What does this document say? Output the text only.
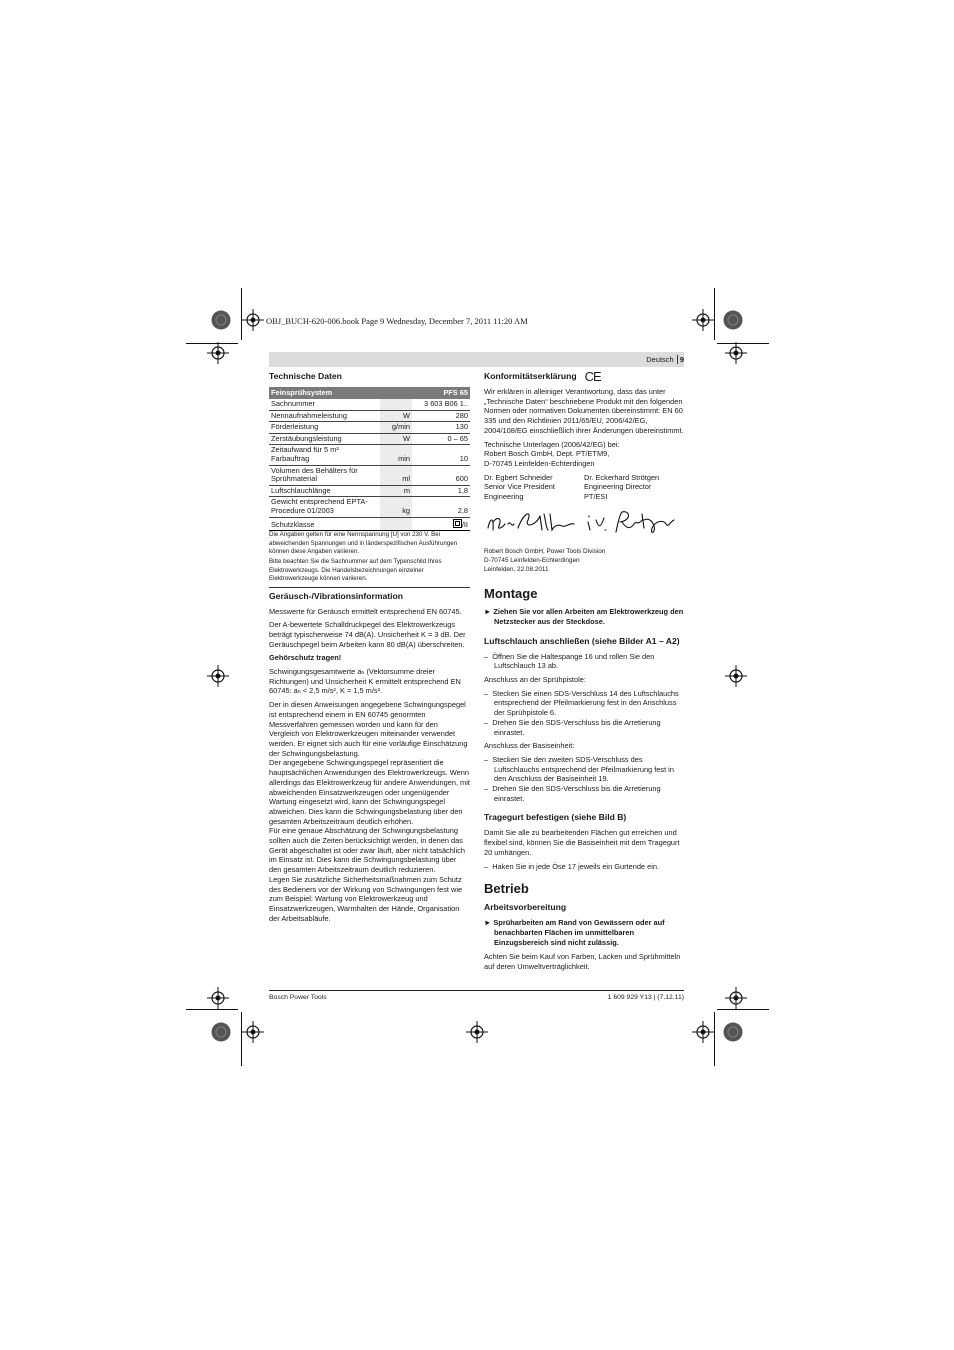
OBJ_BUCH-620-006.book Page 9 Wednesday, December 7, 2011 11:20 AM
Deutsch 9
Technische Daten
Feinsprühsystem		PFS 65
Sachnummer		3 603 B06 1..
Nennaufnahmeleistung	W	280
Förderleistung	g/min	130
Zerstäubungsleistung	W	0 – 65
Zeitaufwand für 5 m² Farbauftrag	min	10
Volumen des Behälters für Sprühmaterial	ml	600
Luftschlauchlänge	m	1,8
Gewicht entsprechend EPTA-Procedure 01/2003	kg	2,8
Schutzklasse		/II

Die Angaben gelten für eine Nennspannung [U] von 230 V. Bei abweichenden Spannungen und in länderspezifischen Ausführungen können diese Angaben variieren.

Bitte beachten Sie die Sachnummer auf dem Typenschild Ihres Elektrowerkzeugs. Die Handelsbezeichnungen einzelner Elektrowerkzeuge können variieren.

Geräusch-/Vibrationsinformation

Messwerte für Geräusch ermittelt entsprechend EN 60745.

Der A-bewertete Schalldruckpegel des Elektrowerkzeugs beträgt typischerweise 74 dB(A). Unsicherheit K = 3 dB. Der Geräuschpegel beim Arbeiten kann 80 dB(A) überschreiten.

Gehörschutz tragen!

Schwingungsgesamtwerte aₕ (Vektorsumme dreier Richtungen) und Unsicherheit K ermittelt entsprechend EN 60745: aₕ < 2,5 m/s², K = 1,5 m/s².

Der in diesen Anweisungen angegebene Schwingungspegel ist entsprechend einem in EN 60745 genormten Messverfahren gemessen worden und kann für den Vergleich von Elektrowerkzeugen miteinander verwendet werden. Er eignet sich auch für eine vorläufige Einschätzung der Schwingungsbelastung.

Der angegebene Schwingungspegel repräsentiert die hauptsächlichen Anwendungen des Elektrowerkzeugs. Wenn allerdings das Elektrowerkzeug für andere Anwendungen, mit abweichenden Einsatzwerkzeugen oder ungenügender Wartung eingesetzt wird, kann der Schwingungspegel abweichen. Dies kann die Schwingungsbelastung über den gesamten Arbeitszeitraum deutlich erhöhen.

Für eine genaue Abschätzung der Schwingungsbelastung sollten auch die Zeiten berücksichtigt werden, in denen das Gerät abgeschaltet ist oder zwar läuft, aber nicht tatsächlich im Einsatz ist. Dies kann die Schwingungsbelastung über den gesamten Arbeitszeitraum deutlich reduzieren.

Legen Sie zusätzliche Sicherheitsmaßnahmen zum Schutz des Bedieners vor der Wirkung von Schwingungen fest wie zum Beispiel: Wartung von Elektrowerkzeug und Einsatzwerkzeugen, Warmhalten der Hände, Organisation der Arbeitsabläufe.

Konformitätserklärung CE

Wir erklären in alleiniger Verantwortung, dass das unter „Technische Daten“ beschriebene Produkt mit den folgenden Normen oder normativen Dokumenten übereinstimmt: EN 60 335 und den Richtlinien 2011/65/EU, 2006/42/EG, 2004/108/EG einschließlich ihrer Änderungen übereinstimmt.

Technische Unterlagen (2006/42/EG) bei:
Robert Bosch GmbH, Dept. PT/ETM9,
D-70745 Leinfelden-Echterdingen

Dr. Egbert Schneider
Senior Vice President
Engineering
Dr. Eckerhard Strötgen
Engineering Director
PT/ESI

Robert Bosch GmbH, Power Tools Division
D-70745 Leinfelden-Echterdingen
Leinfelden, 22.08.2011

Montage
► Ziehen Sie vor allen Arbeiten am Elektrowerkzeug den Netzstecker aus der Steckdose.
Luftschlauch anschließen (siehe Bilder A1 – A2)
–  Öffnen Sie die Haltespange 16 und rollen Sie den Luftschlauch 13 ab.

Anschluss an der Sprühpistole:

–  Stecken Sie einen SDS-Verschluss 14 des Luftschlauchs entsprechend der Pfeilmarkierung fest in den Anschluss der Sprühpistole 6.
–  Drehen Sie den SDS-Verschluss bis die Arretierung einrastet.

Anschluss der Basiseinheit:

–  Stecken Sie den zweiten SDS-Verschluss des Luftschlauchs entsprechend der Pfeilmarkierung fest in den Anschluss der Basiseinheit 19.
–  Drehen Sie den SDS-Verschluss bis die Arretierung einrastet.
Tragegurt befestigen (siehe Bild B)

Damit Sie alle zu bearbeitenden Flächen gut erreichen und flexibel sind, können Sie die Basiseinheit mit dem Tragegurt 20 umhängen.

–  Haken Sie in jede Öse 17 jeweils ein Gurtende ein.
Betrieb
Arbeitsvorbereitung
► Sprüharbeiten am Rand von Gewässern oder auf benachbarten Flächen im unmittelbaren Einzugsbereich sind nicht zulässig.

Achten Sie beim Kauf von Farben, Lacken und Sprühmitteln auf deren Umweltverträglichkeit.

Bosch Power Tools	1 609 929 Y13 | (7.12.11)
